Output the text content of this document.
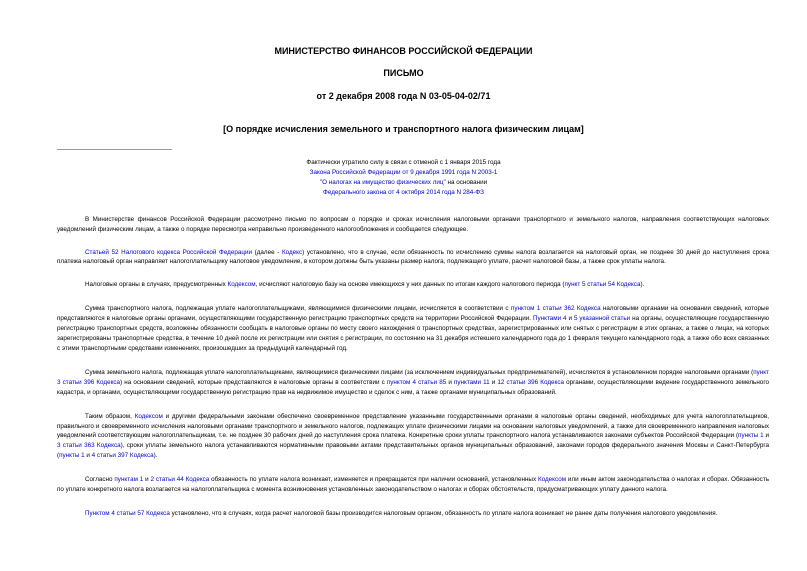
МИНИСТЕРСТВО ФИНАНСОВ РОССИЙСКОЙ ФЕДЕРАЦИИ
ПИСЬМО
от 2 декабря 2008 года N 03-05-04-02/71
[О порядке исчисления земельного и транспортного налога физическим лицам]
Фактически утратило силу в связи с отменой с 1 января 2015 года
Закона Российской Федерации от 9 декабря 1991 года N 2003-1
"О налогах на имущество физических лиц" на основании
Федерального закона от 4 октября 2014 года N 284-ФЗ

В Министерстве финансов Российской Федерации рассмотрено письмо по вопросам о порядке и сроках исчисления налоговыми органами транспортного и земельного налогов, направления соответствующих налоговых уведомлений физическим лицам, а также о порядке пересмотра неправильно произведенного налогообложения и сообщается следующее.

Статьей 52 Налогового кодекса Российской Федерации (далее - Кодекс) установлено, что в случае, если обязанность по исчислению суммы налога возлагается на налоговый орган, не позднее 30 дней до наступления срока платежа налоговый орган направляет налогоплательщику налоговое уведомление, в котором должны быть указаны размер налога, подлежащего уплате, расчет налоговой базы, а также срок уплаты налога.

Налоговые органы в случаях, предусмотренных Кодексом, исчисляют налоговую базу на основе имеющихся у них данных по итогам каждого налогового периода (пункт 5 статьи 54 Кодекса).

Сумма транспортного налога, подлежащая уплате налогоплательщиками, являющимися физическими лицами, исчисляется в соответствии с пунктом 1 статьи 362 Кодекса налоговыми органами на основании сведений, которые представляются в налоговые органы органами, осуществляющими государственную регистрацию транспортных средств на территории Российской Федерации. Пунктами 4 и 5 указанной статьи на органы, осуществляющие государственную регистрацию транспортных средств, возложены обязанности сообщать в налоговые органы по месту своего нахождения о транспортных средствах, зарегистрированных или снятых с регистрации в этих органах, а также о лицах, на которых зарегистрированы транспортные средства, в течение 10 дней после их регистрации или снятия с регистрации, по состоянию на 31 декабря истекшего календарного года до 1 февраля текущего календарного года, а также обо всех связанных с этими транспортными средствами изменениях, произошедших за предыдущий календарный год.

Сумма земельного налога, подлежащая уплате налогоплательщиками, являющимися физическими лицами (за исключением индивидуальных предпринимателей), исчисляется в установленном порядке налоговыми органами (пункт 3 статьи 396 Кодекса) на основании сведений, которые представляются в налоговые органы в соответствии с пунктом 4 статьи 85 и пунктами 11 и 12 статьи 396 Кодекса органами, осуществляющими ведение государственного земельного кадастра, и органами, осуществляющими государственную регистрацию прав на недвижимое имущество и сделок с ним, а также органами муниципальных образований.

Таким образом, Кодексом и другими федеральными законами обеспечено своевременное представление указанными государственными органами в налоговые органы сведений, необходимых для учета налогоплательщиков, правильного и своевременного исчисления налоговыми органами транспортного и земельного налогов, подлежащих уплате физическими лицами на основании налоговых уведомлений, а также для своевременного направления налоговых уведомлений соответствующим налогоплательщикам, т.е. не позднее 30 рабочих дней до наступления срока платежа. Конкретные сроки уплаты транспортного налога устанавливаются законами субъектов Российской Федерации (пункты 1 и 3 статьи 363 Кодекса), сроки уплаты земельного налога устанавливаются нормативными правовыми актами представительных органов муниципальных образований, законами городов федерального значения Москвы и Санкт-Петербурга (пункты 1 и 4 статьи 397 Кодекса).

Согласно пунктам 1 и 2 статьи 44 Кодекса обязанность по уплате налога возникает, изменяется и прекращается при наличии оснований, установленных Кодексом или иным актом законодательства о налогах и сборах. Обязанность по уплате конкретного налога возлагается на налогоплательщика с момента возникновения установленных законодательством о налогах и сборах обстоятельств, предусматривающих уплату данного налога.

Пунктом 4 статьи 57 Кодекса установлено, что в случаях, когда расчет налоговой базы производится налоговым органом, обязанность по уплате налога возникает не ранее даты получения налогового уведомления.
